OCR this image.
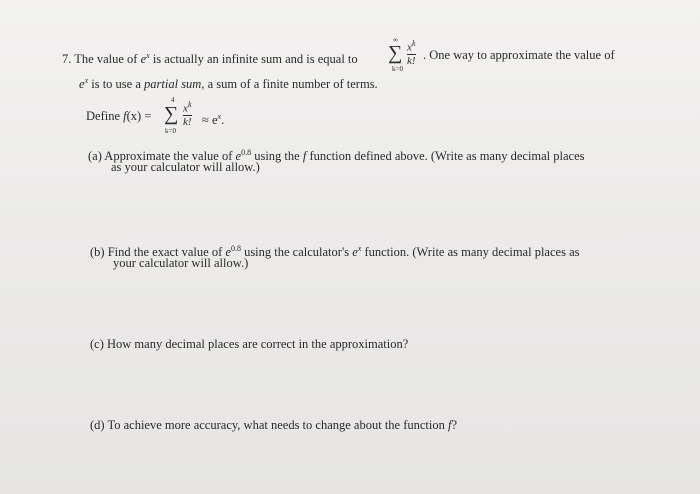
7. The value of $e^x$ is actually an infinite sum and is equal to
∞
∑
k=0
$x^k$
k! . One way to approximate the value of
$e^x$ is to use a partial sum, a sum of a finite number of terms.
Define f(x) =
4
∑
k=0
$x^k$
k! ≈ $e^x$.
(a) Approximate the value of $e^{0.8}$ using the f function defined above. (Write as many decimal places
as your calculator will allow.)
(b) Find the exact value of $e^{0.8}$ using the calculator's $e^x$ function. (Write as many decimal places as
your calculator will allow.)
(c) How many decimal places are correct in the approximation?
(d) To achieve more accuracy, what needs to change about the function f?
